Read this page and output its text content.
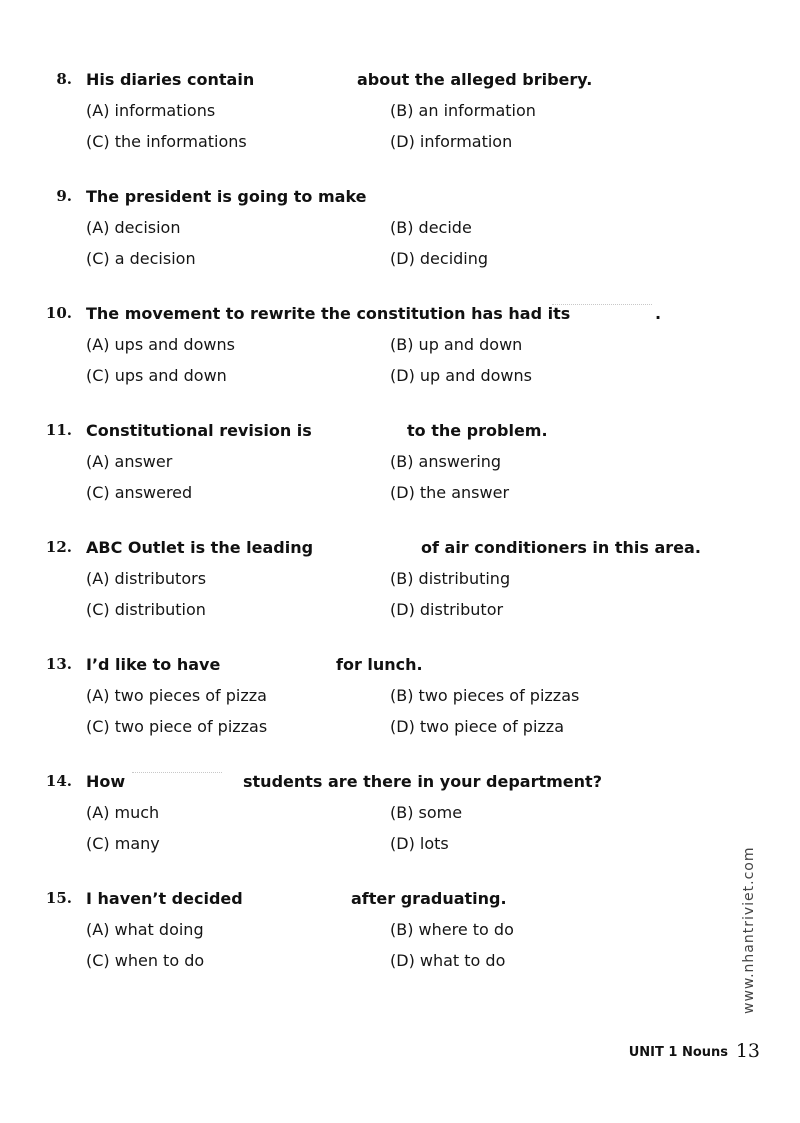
8. His diaries contain	about the alleged bribery.
(A) informations	(B) an information
(C) the informations	(D) information
9. The president is going to make
(A) decision	(B) decide
(C) a decision	(D) deciding
10. The movement to rewrite the constitution has had its	.
(A) ups and downs	(B) up and down
(C) ups and down	(D) up and downs
11. Constitutional revision is	to the problem.
(A) answer	(B) answering
(C) answered	(D) the answer
12. ABC Outlet is the leading	of air conditioners in this area.
(A) distributors	(B) distributing
(C) distribution	(D) distributor
13. I’d like to have	for lunch.
(A) two pieces of pizza	(B) two pieces of pizzas
(C) two piece of pizzas	(D) two piece of pizza
14. How	students are there in your department?
(A) much	(B) some
(C) many	(D) lots
15. I haven’t decided	after graduating.
(A) what doing	(B) where to do
(C) when to do	(D) what to do	www.nhantriviet.com
UNIT 1 Nouns 13
